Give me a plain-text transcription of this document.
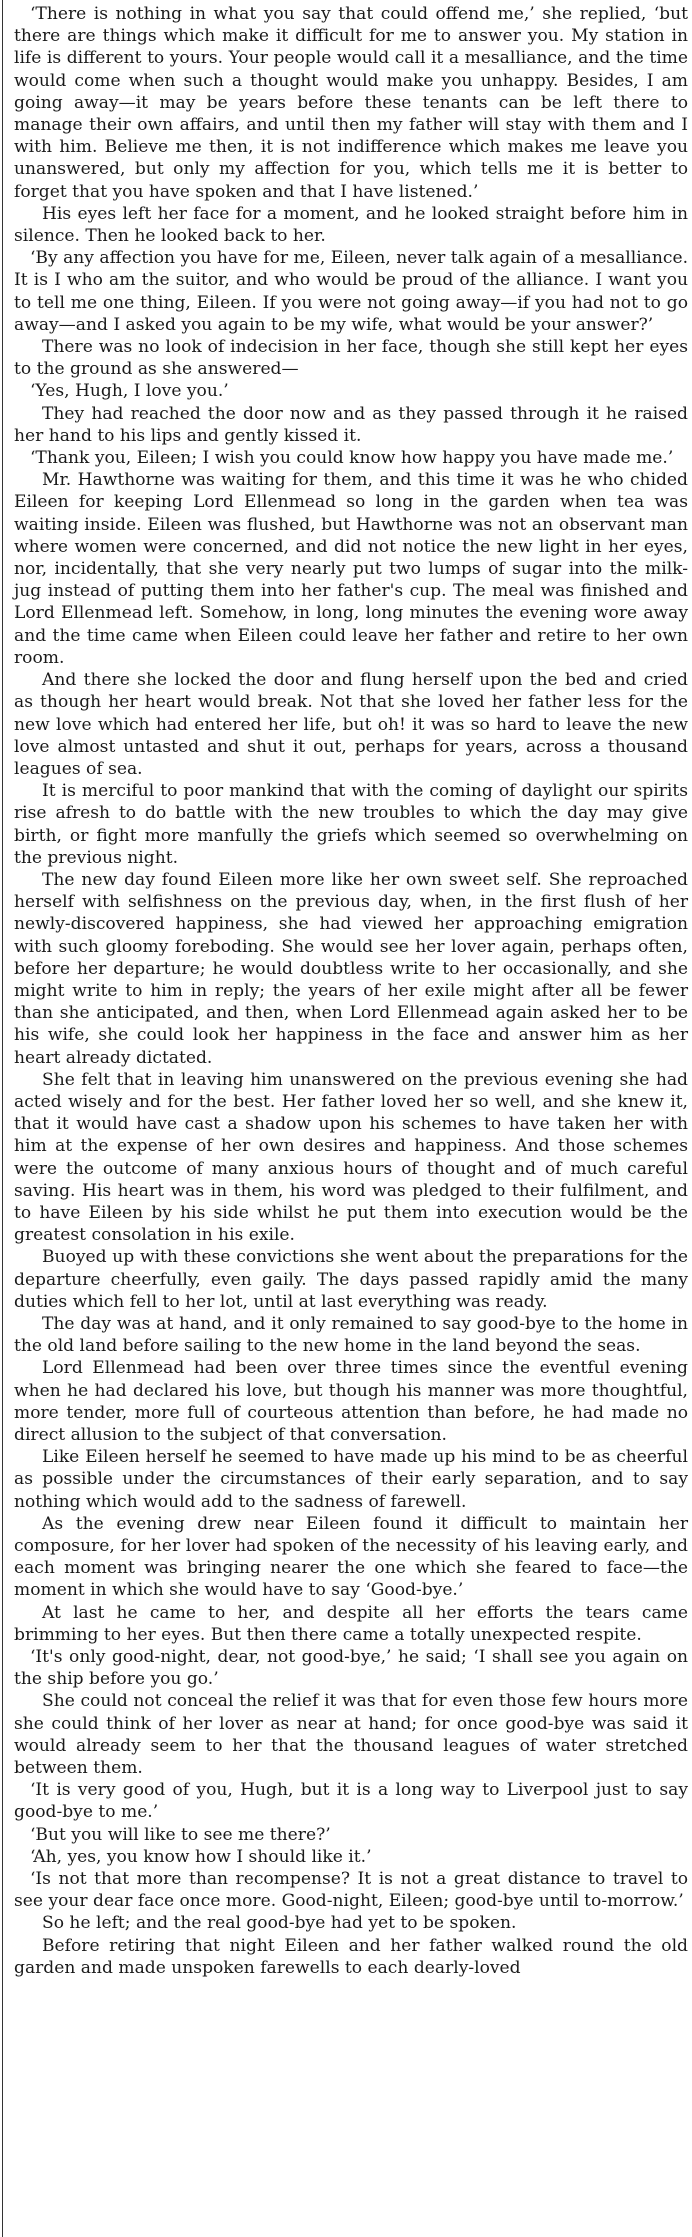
‘There is nothing in what you say that could offend me,’ she replied, ‘but there are things which make it difficult for me to answer you. My station in life is different to yours. Your people would call it a mesalliance, and the time would come when such a thought would make you unhappy. Besides, I am going away—it may be years before these tenants can be left there to manage their own affairs, and until then my father will stay with them and I with him. Believe me then, it is not indifference which makes me leave you unanswered, but only my affection for you, which tells me it is better to forget that you have spoken and that I have listened.’

His eyes left her face for a moment, and he looked straight before him in silence. Then he looked back to her.

‘By any affection you have for me, Eileen, never talk again of a mesalliance. It is I who am the suitor, and who would be proud of the alliance. I want you to tell me one thing, Eileen. If you were not going away—if you had not to go away—and I asked you again to be my wife, what would be your answer?’

There was no look of indecision in her face, though she still kept her eyes to the ground as she answered—

‘Yes, Hugh, I love you.’

They had reached the door now and as they passed through it he raised her hand to his lips and gently kissed it.

‘Thank you, Eileen; I wish you could know how happy you have made me.’

Mr. Hawthorne was waiting for them, and this time it was he who chided Eileen for keeping Lord Ellenmead so long in the garden when tea was waiting inside. Eileen was flushed, but Hawthorne was not an observant man where women were concerned, and did not notice the new light in her eyes, nor, incidentally, that she very nearly put two lumps of sugar into the milk-jug instead of putting them into her father's cup. The meal was finished and Lord Ellenmead left. Somehow, in long, long minutes the evening wore away and the time came when Eileen could leave her father and retire to her own room.

And there she locked the door and flung herself upon the bed and cried as though her heart would break. Not that she loved her father less for the new love which had entered her life, but oh! it was so hard to leave the new love almost untasted and shut it out, perhaps for years, across a thousand leagues of sea.

It is merciful to poor mankind that with the coming of daylight our spirits rise afresh to do battle with the new troubles to which the day may give birth, or fight more manfully the griefs which seemed so overwhelming on the previous night.

The new day found Eileen more like her own sweet self. She reproached herself with selfishness on the previous day, when, in the first flush of her newly-discovered happiness, she had viewed her approaching emigration with such gloomy foreboding. She would see her lover again, perhaps often, before her departure; he would doubtless write to her occasionally, and she might write to him in reply; the years of her exile might after all be fewer than she anticipated, and then, when Lord Ellenmead again asked her to be his wife, she could look her happiness in the face and answer him as her heart already dictated.

She felt that in leaving him unanswered on the previous evening she had acted wisely and for the best. Her father loved her so well, and she knew it, that it would have cast a shadow upon his schemes to have taken her with him at the expense of her own desires and happiness. And those schemes were the outcome of many anxious hours of thought and of much careful saving. His heart was in them, his word was pledged to their fulfilment, and to have Eileen by his side whilst he put them into execution would be the greatest consolation in his exile.

Buoyed up with these convictions she went about the preparations for the departure cheerfully, even gaily. The days passed rapidly amid the many duties which fell to her lot, until at last everything was ready.

The day was at hand, and it only remained to say good-bye to the home in the old land before sailing to the new home in the land beyond the seas.

Lord Ellenmead had been over three times since the eventful evening when he had declared his love, but though his manner was more thoughtful, more tender, more full of courteous attention than before, he had made no direct allusion to the subject of that conversation.

Like Eileen herself he seemed to have made up his mind to be as cheerful as possible under the circumstances of their early separation, and to say nothing which would add to the sadness of farewell.

As the evening drew near Eileen found it difficult to maintain her composure, for her lover had spoken of the necessity of his leaving early, and each moment was bringing nearer the one which she feared to face—the moment in which she would have to say ‘Good-bye.’

At last he came to her, and despite all her efforts the tears came brimming to her eyes. But then there came a totally unexpected respite.

‘It's only good-night, dear, not good-bye,’ he said; ‘I shall see you again on the ship before you go.’

She could not conceal the relief it was that for even those few hours more she could think of her lover as near at hand; for once good-bye was said it would already seem to her that the thousand leagues of water stretched between them.

‘It is very good of you, Hugh, but it is a long way to Liverpool just to say good-bye to me.’

‘But you will like to see me there?’

‘Ah, yes, you know how I should like it.’

‘Is not that more than recompense? It is not a great distance to travel to see your dear face once more. Good-night, Eileen; good-bye until to-morrow.’

So he left; and the real good-bye had yet to be spoken.

Before retiring that night Eileen and her father walked round the old garden and made unspoken farewells to each dearly-loved
